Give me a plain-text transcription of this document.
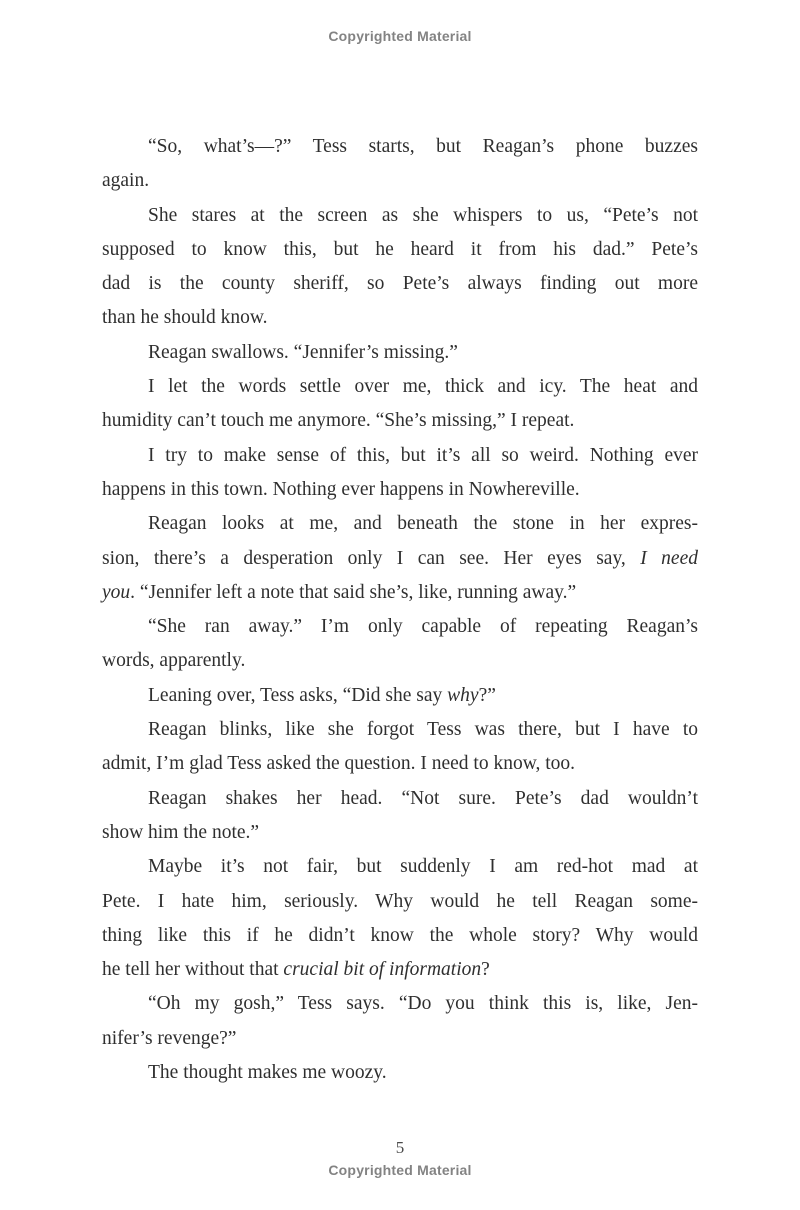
Copyrighted Material
“So, what’s—?” Tess starts, but Reagan’s phone buzzes
again.
She stares at the screen as she whispers to us, “Pete’s not
supposed to know this, but he heard it from his dad.” Pete’s
dad is the county sheriff, so Pete’s always finding out more
than he should know.
Reagan swallows. “Jennifer’s missing.”
I let the words settle over me, thick and icy. The heat and
humidity can’t touch me anymore. “She’s missing,” I repeat.
I try to make sense of this, but it’s all so weird. Nothing ever
happens in this town. Nothing ever happens in Nowhereville.
Reagan looks at me, and beneath the stone in her expres-
sion, there’s a desperation only I can see. Her eyes say, I need
you. “Jennifer left a note that said she’s, like, running away.”
“She ran away.” I’m only capable of repeating Reagan’s
words, apparently.
Leaning over, Tess asks, “Did she say why?”
Reagan blinks, like she forgot Tess was there, but I have to
admit, I’m glad Tess asked the question. I need to know, too.
Reagan shakes her head. “Not sure. Pete’s dad wouldn’t
show him the note.”
Maybe it’s not fair, but suddenly I am red-hot mad at
Pete. I hate him, seriously. Why would he tell Reagan some-
thing like this if he didn’t know the whole story? Why would
he tell her without that crucial bit of information?
“Oh my gosh,” Tess says. “Do you think this is, like, Jen-
nifer’s revenge?”
The thought makes me woozy.
5
Copyrighted Material
